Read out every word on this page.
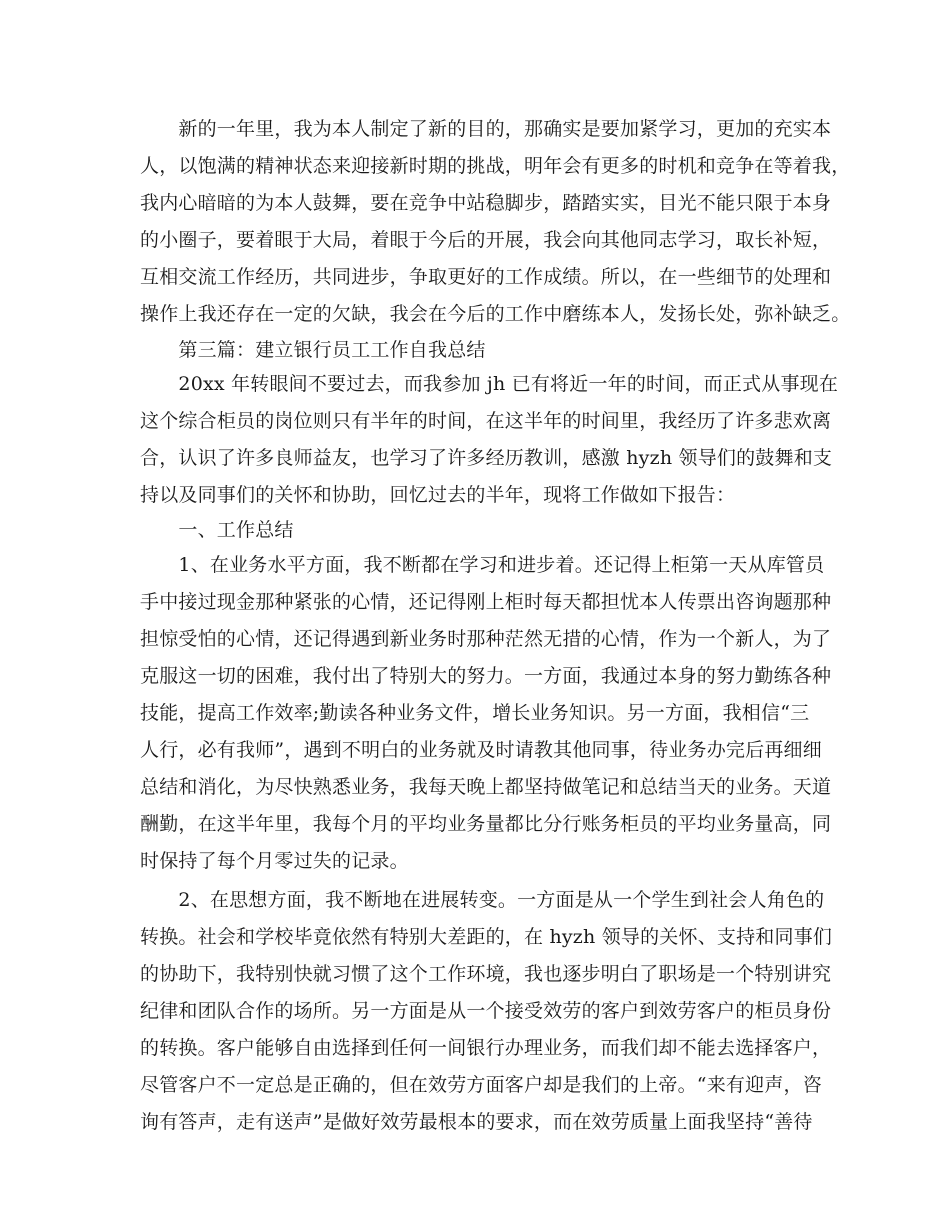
　　新的一年里，我为本人制定了新的目的，那确实是要加紧学习，更加的充实本
人，以饱满的精神状态来迎接新时期的挑战，明年会有更多的时机和竞争在等着我，
我内心暗暗的为本人鼓舞，要在竞争中站稳脚步，踏踏实实，目光不能只限于本身
的小圈子，要着眼于大局，着眼于今后的开展，我会向其他同志学习，取长补短，
互相交流工作经历，共同进步，争取更好的工作成绩。所以，在一些细节的处理和
操作上我还存在一定的欠缺，我会在今后的工作中磨练本人，发扬长处，弥补缺乏。
　　第三篇：建立银行员工工作自我总结
　　20xx 年转眼间不要过去，而我参加 jh 已有将近一年的时间，而正式从事现在
这个综合柜员的岗位则只有半年的时间，在这半年的时间里，我经历了许多悲欢离
合，认识了许多良师益友，也学习了许多经历教训，感激 hyzh 领导们的鼓舞和支
持以及同事们的关怀和协助，回忆过去的半年，现将工作做如下报告：
　　一、工作总结
　　1、在业务水平方面，我不断都在学习和进步着。还记得上柜第一天从库管员
手中接过现金那种紧张的心情，还记得刚上柜时每天都担忧本人传票出咨询题那种
担惊受怕的心情，还记得遇到新业务时那种茫然无措的心情，作为一个新人，为了
克服这一切的困难，我付出了特别大的努力。一方面，我通过本身的努力勤练各种
技能，提高工作效率;勤读各种业务文件，增长业务知识。另一方面，我相信“三
人行，必有我师”，遇到不明白的业务就及时请教其他同事，待业务办完后再细细
总结和消化，为尽快熟悉业务，我每天晚上都坚持做笔记和总结当天的业务。天道
酬勤，在这半年里，我每个月的平均业务量都比分行账务柜员的平均业务量高，同
时保持了每个月零过失的记录。
　　2、在思想方面，我不断地在进展转变。一方面是从一个学生到社会人角色的
转换。社会和学校毕竟依然有特别大差距的，在 hyzh 领导的关怀、支持和同事们
的协助下，我特别快就习惯了这个工作环境，我也逐步明白了职场是一个特别讲究
纪律和团队合作的场所。另一方面是从一个接受效劳的客户到效劳客户的柜员身份
的转换。客户能够自由选择到任何一间银行办理业务，而我们却不能去选择客户，
尽管客户不一定总是正确的，但在效劳方面客户却是我们的上帝。“来有迎声，咨
询有答声，走有送声”是做好效劳最根本的要求，而在效劳质量上面我坚持“善待
